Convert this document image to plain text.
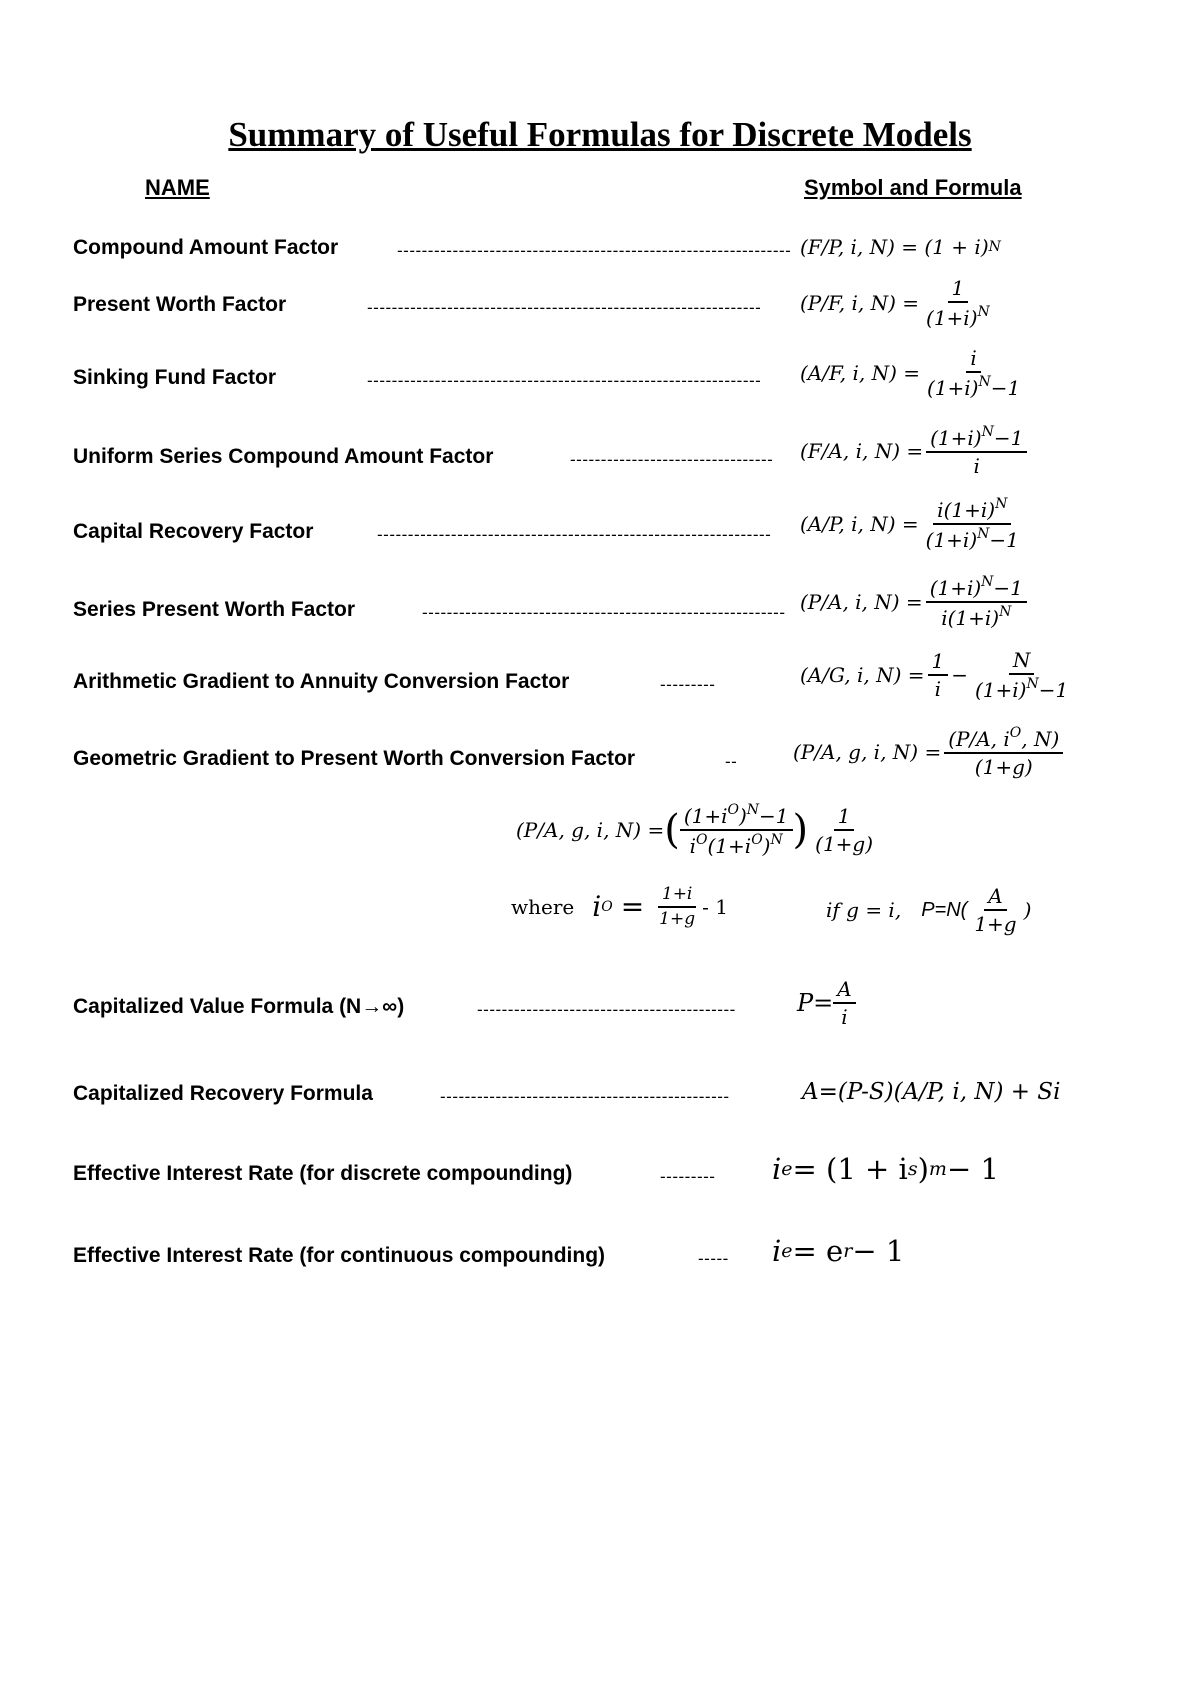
Summary of Useful Formulas for Discrete Models
NAME	Symbol and Formula
Compound Amount Factor	---------------------------------------------------------------- (F/P, i, N) = (1 + i) N
Present Worth Factor	---------------------------------------------------------------- (P/F, i, $N) = \frac{1}{(1+i)^N}$
Sinking Fund Factor	---------------------------------------------------------------- (A/F, i, $N) = \frac{i}{(1+i)^N-1}$
Uniform Series Compound Amount Factor	--------------------------------- (F/A, i, $N) = \frac{(1+i)^N-1}{i}$
Capital Recovery Factor	---------------------------------------------------------------- (A/P, i, $N) = \frac{i(1+i)^N}{(1+i)^N-1}$
Series Present Worth Factor	----------------------------------------------------------- (P/A, i, $N) = \frac{(1+i)^N-1}{i(1+i)^N}$
Arithmetic Gradient to Annuity Conversion Factor	---------	(A/G, i, $N) = \frac{1}{i} - \frac{N}{(1+i)^N-1}$
Geometric Gradient to Present Worth Conversion Factor	--	(P/A, g, i, $N) = \frac{(P/A, i^O, N)}{(1+g)}$
(P/A, g, i, N) = ( $(1+i^O)^N-1$
$i^O(1+i^O)^N$ ) 1
(1+g)
where i $O = \frac{1+i}{1+g} - 1$	if g = i, P=N(
A
1+g
)
Capitalized Value Formula (N→∞)	------------------------------------------	$P= \frac{A}{i}$
Capitalized Recovery Formula	-----------------------------------------------	A=(P-S)(A/P, i, N) + Si
Effective Interest Rate (for discrete compounding)	---------	i e = (1 + i s ) m − 1
Effective Interest Rate (for continuous compounding)	-----	i e = e r − 1
